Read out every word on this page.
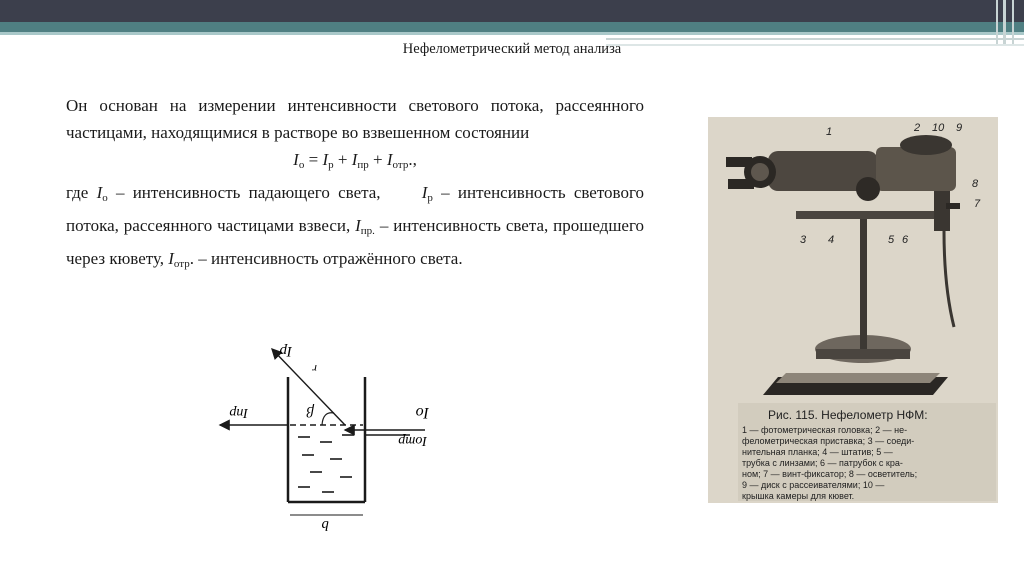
Нефелометрический метод анализа

Он основан на измерении интенсивности светового потока, рассеянного частицами, находящимися в растворе во взвешенном состоянии

$I_о = I_р + I_{пр} + I_{отр}$.,

где $I_о$ – интенсивность падающего света,     $I_р$ – интенсивность светового потока, рассеянного частицами взвеси, $I_{пр.}$ – интенсивность света, прошедшего через кювету, $I_{отр}$. – интенсивность отражённого света.

Iр
r
β	Io
Iпр
Iотр
b
1	2 10 9
8
7
3 4	5 6
Рис. 115. Нефелометр НФМ:
1 — фотометрическая головка; 2 — не-
фелометрическая приставка; 3 — соеди-
нительная планка; 4 — штатив; 5 —
трубка с линзами; 6 — патрубок с кра-
ном; 7 — винт-фиксатор; 8 — осветитель;
9 — диск с рассеивателями; 10 —
крышка камеры для кювет.
